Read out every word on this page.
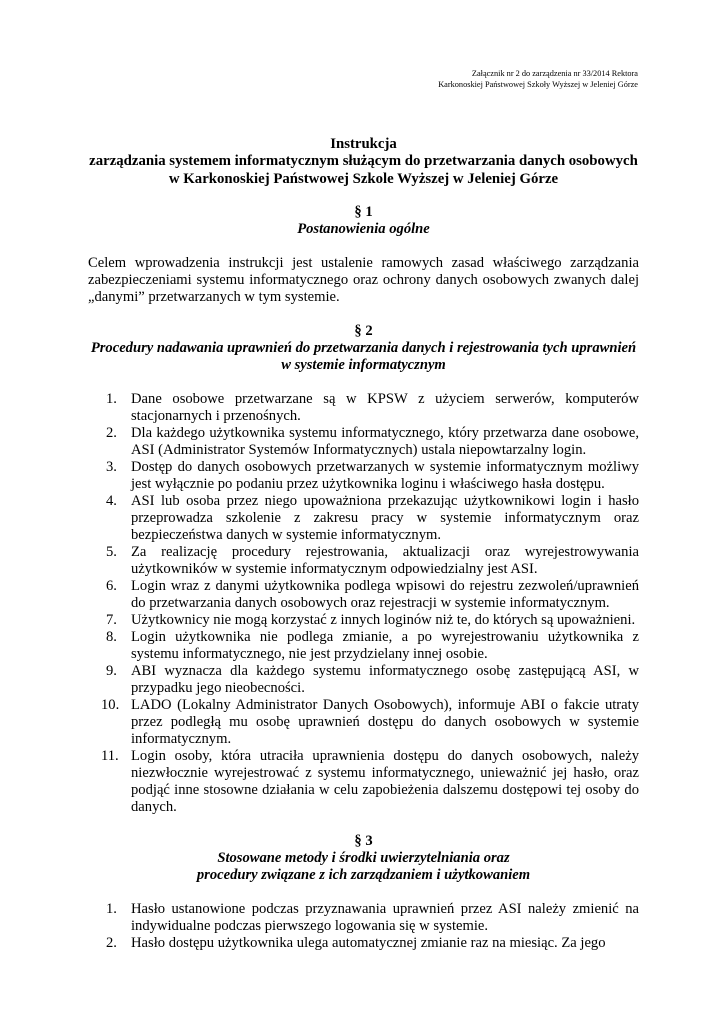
Załącznik nr 2 do zarządzenia nr 33/2014 Rektora
Karkonoskiej Państwowej Szkoły Wyższej w Jeleniej Górze

Instrukcja

zarządzania systemem informatycznym służącym do przetwarzania danych osobowych

w Karkonoskiej Państwowej Szkole Wyższej w Jeleniej Górze

§ 1

Postanowienia ogólne

Celem wprowadzenia instrukcji jest ustalenie ramowych zasad właściwego zarządzania zabezpieczeniami systemu informatycznego oraz ochrony danych osobowych zwanych dalej „danymi” przetwarzanych w tym systemie.

§ 2

Procedury nadawania uprawnień do przetwarzania danych i rejestrowania tych uprawnień

w systemie informatycznym

1. Dane osobowe przetwarzane są w KPSW z użyciem serwerów, komputerów stacjonarnych i przenośnych.
2. Dla każdego użytkownika systemu informatycznego, który przetwarza dane osobowe, ASI (Administrator Systemów Informatycznych) ustala niepowtarzalny login.
3. Dostęp do danych osobowych przetwarzanych w systemie informatycznym możliwy jest wyłącznie po podaniu przez użytkownika loginu i właściwego hasła dostępu.
4. ASI lub osoba przez niego upoważniona przekazując użytkownikowi login i hasło przeprowadza szkolenie z zakresu pracy w systemie informatycznym oraz bezpieczeństwa danych w systemie informatycznym.
5. Za realizację procedury rejestrowania, aktualizacji oraz wyrejestrowywania użytkowników w systemie informatycznym odpowiedzialny jest ASI.
6. Login wraz z danymi użytkownika podlega wpisowi do rejestru zezwoleń/uprawnień do przetwarzania danych osobowych oraz rejestracji w systemie informatycznym.
7. Użytkownicy nie mogą korzystać z innych loginów niż te, do których są upoważnieni.
8. Login użytkownika nie podlega zmianie, a po wyrejestrowaniu użytkownika z systemu informatycznego, nie jest przydzielany innej osobie.
9. ABI wyznacza dla każdego systemu informatycznego osobę zastępującą ASI, w przypadku jego nieobecności.
10. LADO (Lokalny Administrator Danych Osobowych), informuje ABI o fakcie utraty przez podległą mu osobę uprawnień dostępu do danych osobowych w systemie informatycznym.
11. Login osoby, która utraciła uprawnienia dostępu do danych osobowych, należy niezwłocznie wyrejestrować z systemu informatycznego, unieważnić jej hasło, oraz podjąć inne stosowne działania w celu zapobieżenia dalszemu dostępowi tej osoby do danych.

§ 3

Stosowane metody i środki uwierzytelniania oraz

procedury związane z ich zarządzaniem i użytkowaniem

1. Hasło ustanowione podczas przyznawania uprawnień przez ASI należy zmienić na indywidualne podczas pierwszego logowania się w systemie.
2. Hasło dostępu użytkownika ulega automatycznej zmianie raz na miesiąc. Za jego
